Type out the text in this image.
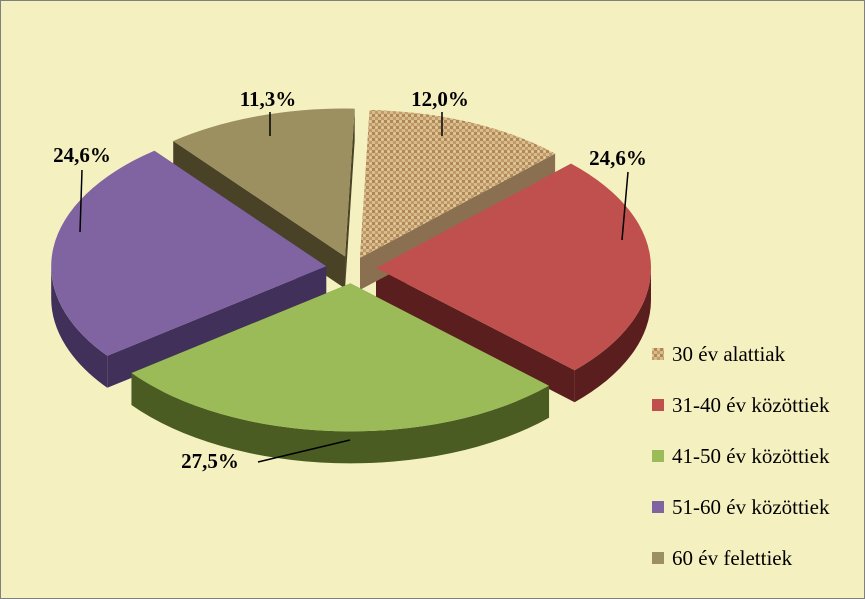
12,0%
24,6%
27,5%
24,6%
11,3%
30 év alattiak
31-40 év közöttiek
41-50 év közöttiek
51-60 év közöttiek
60 év felettiek
